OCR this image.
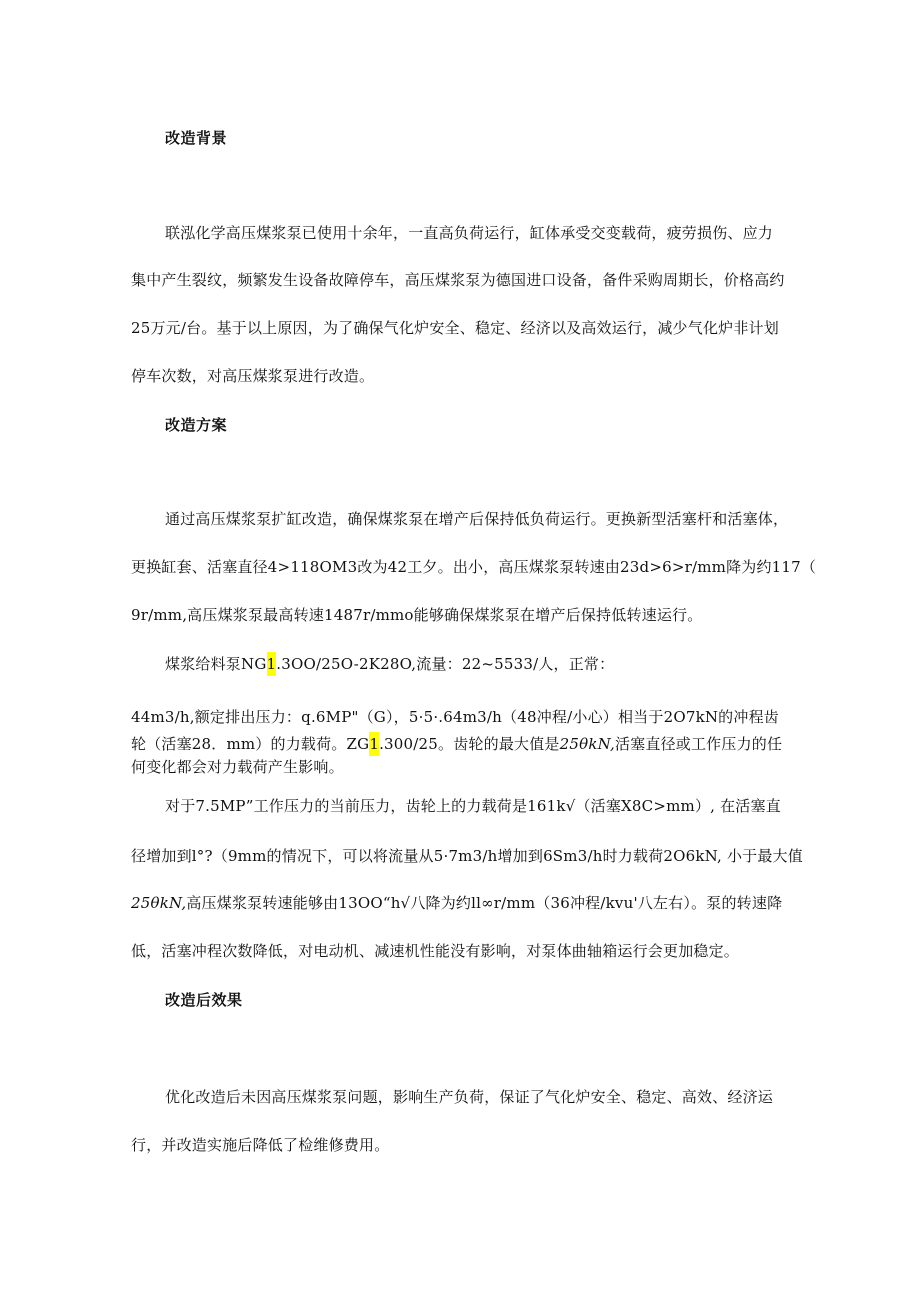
改造背景
联泓化学高压煤浆泵已使用十余年，一直高负荷运行，缸体承受交变载荷，疲劳损伤、应力
集中产生裂纹，频繁发生设备故障停车，高压煤浆泵为德国进口设备，备件采购周期长，价格高约
25万元/台。基于以上原因，为了确保气化炉安全、稳定、经济以及高效运行，减少气化炉非计划
停车次数，对高压煤浆泵进行改造。
改造方案
通过高压煤浆泵扩缸改造，确保煤浆泵在增产后保持低负荷运行。更换新型活塞杆和活塞体，
更换缸套、活塞直径4>118OM3改为42工夕。出小，高压煤浆泵转速由23d>6>r∕mm降为约117（
9r∕mm,高压煤浆泵最高转速1487r∕mmo能够确保煤浆泵在增产后保持低转速运行。
煤浆给料泵NG1.3OO∕25O-2K28O,流量：22~5533/人，正常：
44m3∕h,额定排出压力：q.6MP"（G），5·5·.64m3∕h（48冲程/小心）相当于2O7kN的冲程齿
轮（活塞28．mm）的力载荷。ZG1.300/25。齿轮的最大值是25θkN,活塞直径或工作压力的任
何变化都会对力载荷产生影响。
对于7.5MP”工作压力的当前压力，齿轮上的力载荷是161k√（活塞X8C>mm）, 在活塞直
径增加到l°?（9mm的情况下，可以将流量从5·7m3∕h增加到6Sm3∕h时力载荷2O6kN, 小于最大值
25θkN,高压煤浆泵转速能够由13OO“h√八降为约ll∞r∕mm（36冲程∕kvu'八左右）。泵的转速降
低，活塞冲程次数降低，对电动机、减速机性能没有影响，对泵体曲轴箱运行会更加稳定。
改造后效果
优化改造后未因高压煤浆泵问题，影响生产负荷，保证了气化炉安全、稳定、高效、经济运
行，并改造实施后降低了检维修费用。
